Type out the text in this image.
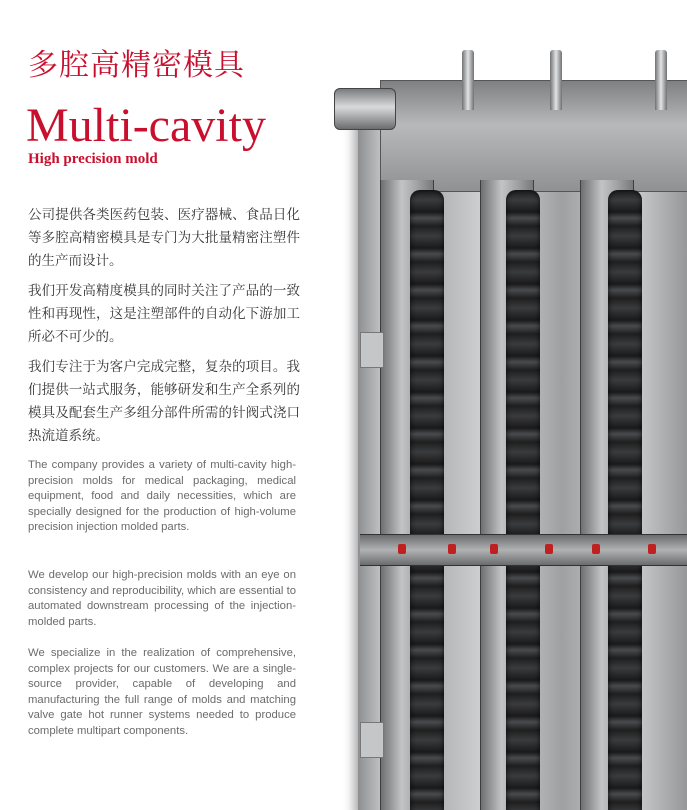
多腔高精密模具
Multi-cavity
High precision mold

公司提供各类医药包装、医疗器械、食品日化等多腔高精密模具是专门为大批量精密注塑件的生产而设计。

我们开发高精度模具的同时关注了产品的一致性和再现性，这是注塑部件的自动化下游加工所必不可少的。

我们专注于为客户完成完整，复杂的项目。我们提供一站式服务，能够研发和生产全系列的模具及配套生产多组分部件所需的针阀式浇口热流道系统。

The company provides a variety of multi-cavity high-precision molds for medical packaging, medical equipment, food and daily necessities, which are specially designed for the production of high-volume precision injection molded parts.

We develop our high-precision molds with an eye on consistency and reproducibility, which are essential to automated downstream processing of the injection-molded parts.

We specialize in the realization of comprehensive, complex projects for our customers. We are a single-source provider, capable of developing and manufacturing the full range of molds and matching valve gate hot runner systems needed to produce complete multipart components.
